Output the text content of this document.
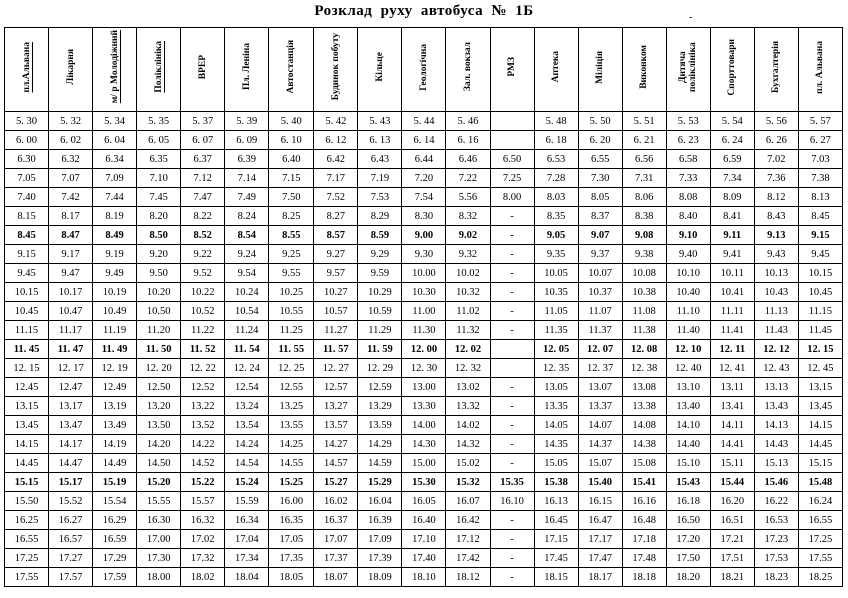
Розклад руху автобуса № 1Б	-
пл.Альвана	Лікарня	м/ р Молодіжний	Поліклініка	ВРЕР	Пл. Леніна	Автостанція	Будинок побуту	Кільце	Геологічна	Зал. вокзал	РМЗ	Аптека	Міліція	Виконком	Дитяча поліклініка	Спорттовари	Бухгалтерія	пл. Альвана
5. 30	5. 32	5. 34	5. 35	5. 37	5. 39	5. 40	5. 42	5. 43	5. 44	5. 46		5. 48	5. 50	5. 51	5. 53	5. 54	5. 56	5. 57
6. 00	6. 02	6. 04	6. 05	6. 07	6. 09	6. 10	6. 12	6. 13	6. 14	6. 16		6. 18	6. 20	6. 21	6. 23	6. 24	6. 26	6. 27
6.30	6.32	6.34	6.35	6.37	6.39	6.40	6.42	6.43	6.44	6.46	6.50	6.53	6.55	6.56	6.58	6.59	7.02	7.03
7.05	7.07	7.09	7.10	7.12	7.14	7.15	7.17	7.19	7.20	7.22	7.25	7.28	7.30	7.31	7.33	7.34	7.36	7.38
7.40	7.42	7.44	7.45	7.47	7.49	7.50	7.52	7.53	7.54	5.56	8.00	8.03	8.05	8.06	8.08	8.09	8.12	8.13
8.15	8.17	8.19	8.20	8.22	8.24	8.25	8.27	8.29	8.30	8.32	-	8.35	8.37	8.38	8.40	8.41	8.43	8.45
8.45	8.47	8.49	8.50	8.52	8.54	8.55	8.57	8.59	9.00	9.02	-	9.05	9.07	9.08	9.10	9.11	9.13	9.15
9.15	9.17	9.19	9.20	9.22	9.24	9.25	9.27	9.29	9.30	9.32	-	9.35	9.37	9.38	9.40	9.41	9.43	9.45
9.45	9.47	9.49	9.50	9.52	9.54	9.55	9.57	9.59	10.00	10.02	-	10.05	10.07	10.08	10.10	10.11	10.13	10.15
10.15	10.17	10.19	10.20	10.22	10.24	10.25	10.27	10.29	10.30	10.32	-	10.35	10.37	10.38	10.40	10.41	10.43	10.45
10.45	10.47	10.49	10.50	10.52	10.54	10.55	10.57	10.59	11.00	11.02	-	11.05	11.07	11.08	11.10	11.11	11.13	11.15
11.15	11.17	11.19	11.20	11.22	11.24	11.25	11.27	11.29	11.30	11.32	-	11.35	11.37	11.38	11.40	11.41	11.43	11.45
11. 45	11. 47	11. 49	11. 50	11. 52	11. 54	11. 55	11. 57	11. 59	12. 00	12. 02		12. 05	12. 07	12. 08	12. 10	12. 11	12. 12	12. 15
12. 15	12. 17	12. 19	12. 20	12. 22	12. 24	12. 25	12. 27	12. 29	12. 30	12. 32		12. 35	12. 37	12. 38	12. 40	12. 41	12. 43	12. 45
12.45	12.47	12.49	12.50	12.52	12.54	12.55	12.57	12.59	13.00	13.02	-	13.05	13.07	13.08	13.10	13.11	13.13	13.15
13.15	13.17	13.19	13.20	13.22	13.24	13.25	13.27	13.29	13.30	13.32	-	13.35	13.37	13.38	13.40	13.41	13.43	13.45
13.45	13.47	13.49	13.50	13.52	13.54	13.55	13.57	13.59	14.00	14.02	-	14.05	14.07	14.08	14.10	14.11	14.13	14.15
14.15	14.17	14.19	14.20	14.22	14.24	14.25	14.27	14.29	14.30	14.32	-	14.35	14.37	14.38	14.40	14.41	14.43	14.45
14.45	14.47	14.49	14.50	14.52	14.54	14.55	14.57	14.59	15.00	15.02	-	15.05	15.07	15.08	15.10	15.11	15.13	15.15
15.15	15.17	15.19	15.20	15.22	15.24	15.25	15.27	15.29	15.30	15.32	15.35	15.38	15.40	15.41	15.43	15.44	15.46	15.48
15.50	15.52	15.54	15.55	15.57	15.59	16.00	16.02	16.04	16.05	16.07	16.10	16.13	16.15	16.16	16.18	16.20	16.22	16.24
16.25	16.27	16.29	16.30	16.32	16.34	16.35	16.37	16.39	16.40	16.42	-	16.45	16.47	16.48	16.50	16.51	16.53	16.55
16.55	16.57	16.59	17.00	17.02	17.04	17.05	17.07	17.09	17.10	17.12	-	17.15	17.17	17.18	17.20	17.21	17.23	17.25
17.25	17.27	17.29	17.30	17.32	17.34	17.35	17.37	17.39	17.40	17.42	-	17.45	17.47	17.48	17.50	17.51	17.53	17.55
17.55	17.57	17.59	18.00	18.02	18.04	18.05	18.07	18.09	18.10	18.12	-	18.15	18.17	18.18	18.20	18.21	18.23	18.25
